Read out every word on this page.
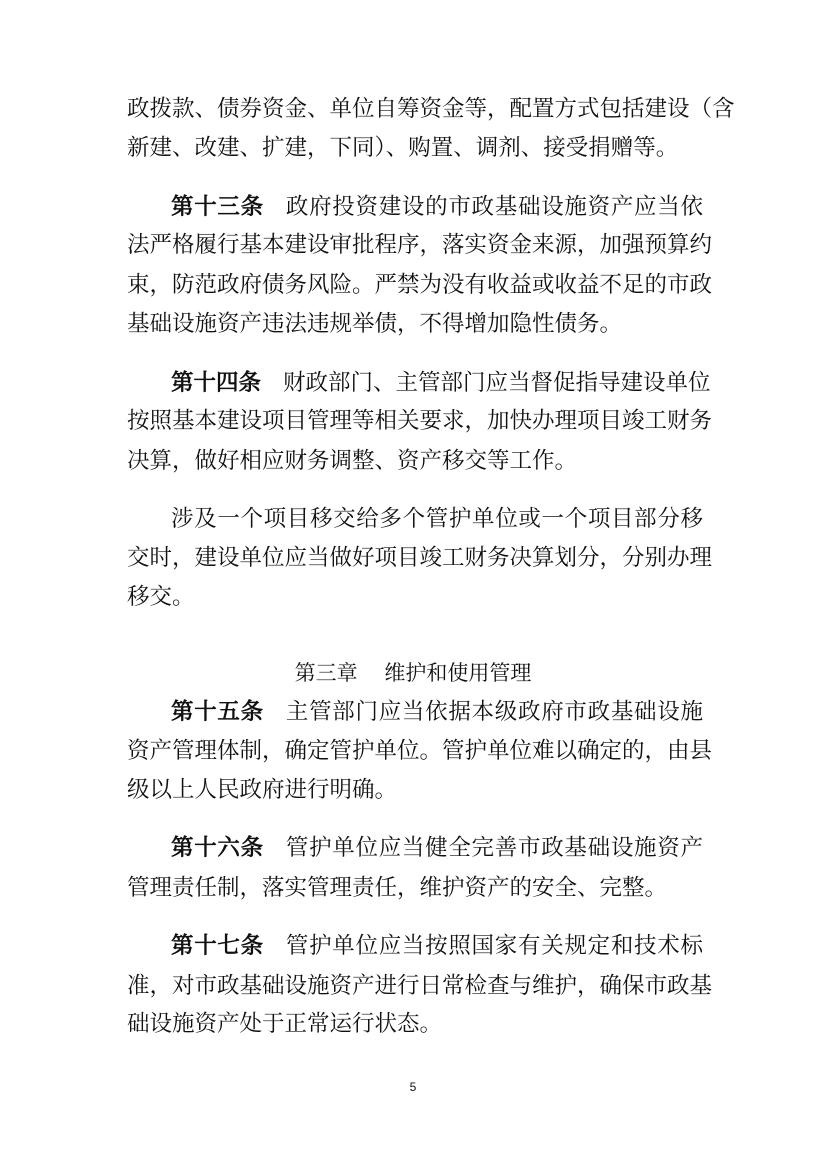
政拨款、债券资金、单位自筹资金等，配置方式包括建设（含
新建、改建、扩建，下同）、购置、调剂、接受捐赠等。
第十三条 政府投资建设的市政基础设施资产应当依
法严格履行基本建设审批程序，落实资金来源，加强预算约
束，防范政府债务风险。严禁为没有收益或收益不足的市政
基础设施资产违法违规举债，不得增加隐性债务。
第十四条 财政部门、主管部门应当督促指导建设单位
按照基本建设项目管理等相关要求，加快办理项目竣工财务
决算，做好相应财务调整、资产移交等工作。
涉及一个项目移交给多个管护单位或一个项目部分移
交时，建设单位应当做好项目竣工财务决算划分，分别办理
移交。
第三章    维护和使用管理
第十五条 主管部门应当依据本级政府市政基础设施
资产管理体制，确定管护单位。管护单位难以确定的，由县
级以上人民政府进行明确。
第十六条 管护单位应当健全完善市政基础设施资产
管理责任制，落实管理责任，维护资产的安全、完整。
第十七条 管护单位应当按照国家有关规定和技术标
准，对市政基础设施资产进行日常检查与维护，确保市政基
础设施资产处于正常运行状态。
5
